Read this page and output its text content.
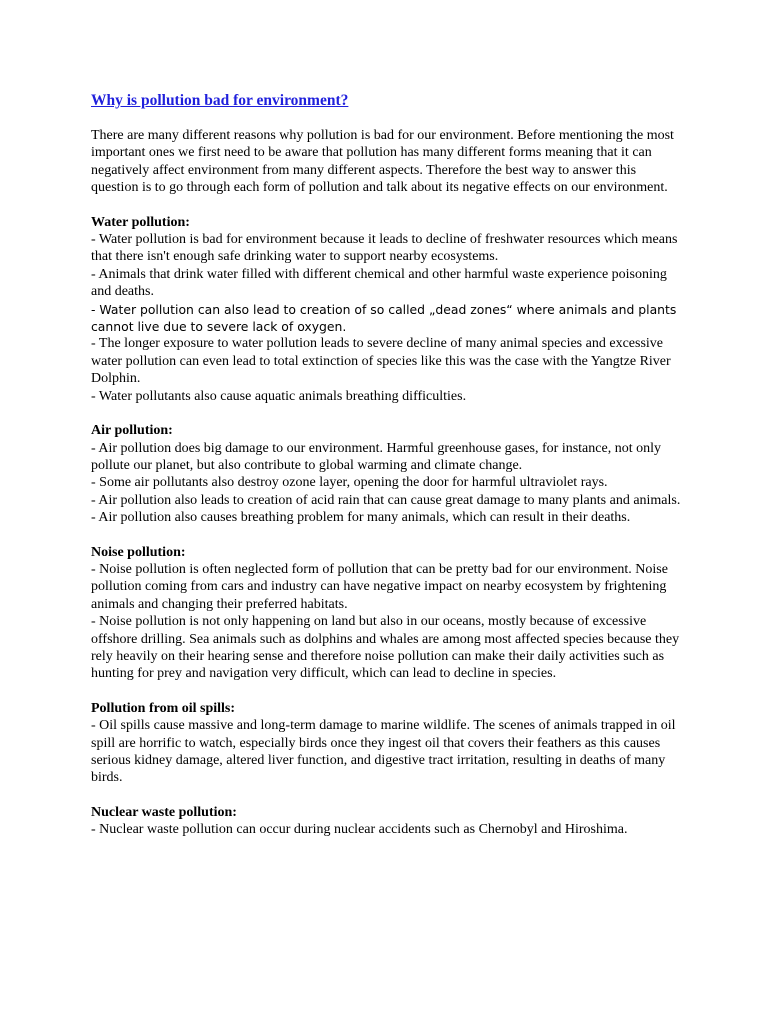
Why is pollution bad for environment?

There are many different reasons why pollution is bad for our environment. Before mentioning the most important ones we first need to be aware that pollution has many different forms meaning that it can negatively affect environment from many different aspects. Therefore the best way to answer this question is to go through each form of pollution and talk about its negative effects on our environment.

Water pollution:
- Water pollution is bad for environment because it leads to decline of freshwater resources which means that there isn't enough safe drinking water to support nearby ecosystems.
- Animals that drink water filled with different chemical and other harmful waste experience poisoning and deaths.
- Water pollution can also lead to creation of so called „dead zones“ where animals and plants cannot live due to severe lack of oxygen.
- The longer exposure to water pollution leads to severe decline of many animal species and excessive water pollution can even lead to total extinction of species like this was the case with the Yangtze River Dolphin.
- Water pollutants also cause aquatic animals breathing difficulties.
Air pollution:
- Air pollution does big damage to our environment. Harmful greenhouse gases, for instance, not only pollute our planet, but also contribute to global warming and climate change.
- Some air pollutants also destroy ozone layer, opening the door for harmful ultraviolet rays.
- Air pollution also leads to creation of acid rain that can cause great damage to many plants and animals.
- Air pollution also causes breathing problem for many animals, which can result in their deaths.
Noise pollution:
- Noise pollution is often neglected form of pollution that can be pretty bad for our environment. Noise pollution coming from cars and industry can have negative impact on nearby ecosystem by frightening animals and changing their preferred habitats.
- Noise pollution is not only happening on land but also in our oceans, mostly because of excessive offshore drilling. Sea animals such as dolphins and whales are among most affected species because they rely heavily on their hearing sense and therefore noise pollution can make their daily activities such as hunting for prey and navigation very difficult, which can lead to decline in species.
Pollution from oil spills:
- Oil spills cause massive and long-term damage to marine wildlife. The scenes of animals trapped in oil spill are horrific to watch, especially birds once they ingest oil that covers their feathers as this causes serious kidney damage, altered liver function, and digestive tract irritation, resulting in deaths of many birds.
Nuclear waste pollution:
- Nuclear waste pollution can occur during nuclear accidents such as Chernobyl and Hiroshima.
